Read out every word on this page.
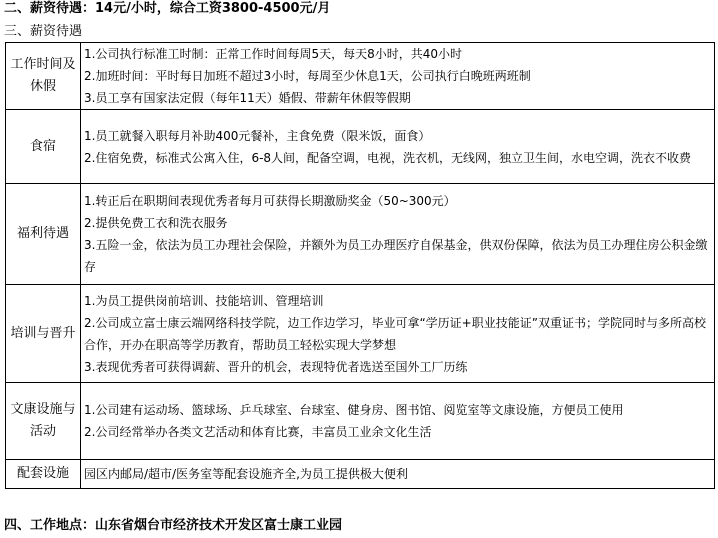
二、薪资待遇：14元/小时，综合工资3800-4500元/月
三、薪资待遇
工作时间及休假	1.公司执行标准工时制：正常工作时间每周5天，每天8小时，共40小时
2.加班时间：平时每日加班不超过3小时，每周至少休息1天，公司执行白晚班两班制
3.员工享有国家法定假（每年11天）婚假、带薪年休假等假期

食宿	1.员工就餐入职每月补助400元餐补，主食免费（限米饭，面食）
2.住宿免费，标准式公寓入住，6-8人间，配备空调，电视，洗衣机，无线网，独立卫生间，水电空调，洗衣不收费

福利待遇	1.转正后在职期间表现优秀者每月可获得长期激励奖金（50~300元）
2.提供免费工衣和洗衣服务
3.五险一金，依法为员工办理社会保险，并额外为员工办理医疗自保基金，供双份保障，依法为员工办理住房公积金缴存

培训与晋升	1.为员工提供岗前培训、技能培训、管理培训
2.公司成立富士康云端网络科技学院，边工作边学习，毕业可拿“学历证+职业技能证”双重证书；学院同时与多所高校合作，开办在职高等学历教育，帮助员工轻松实现大学梦想
3.表现优秀者可获得调薪、晋升的机会，表现特优者选送至国外工厂历练

文康设施与活动	1.公司建有运动场、篮球场、乒乓球室、台球室、健身房、图书馆、阅览室等文康设施，方便员工使用
2.公司经常举办各类文艺活动和体育比赛，丰富员工业余文化生活

配套设施	园区内邮局/超市/医务室等配套设施齐全,为员工提供极大便利
四、工作地点：山东省烟台市经济技术开发区富士康工业园
